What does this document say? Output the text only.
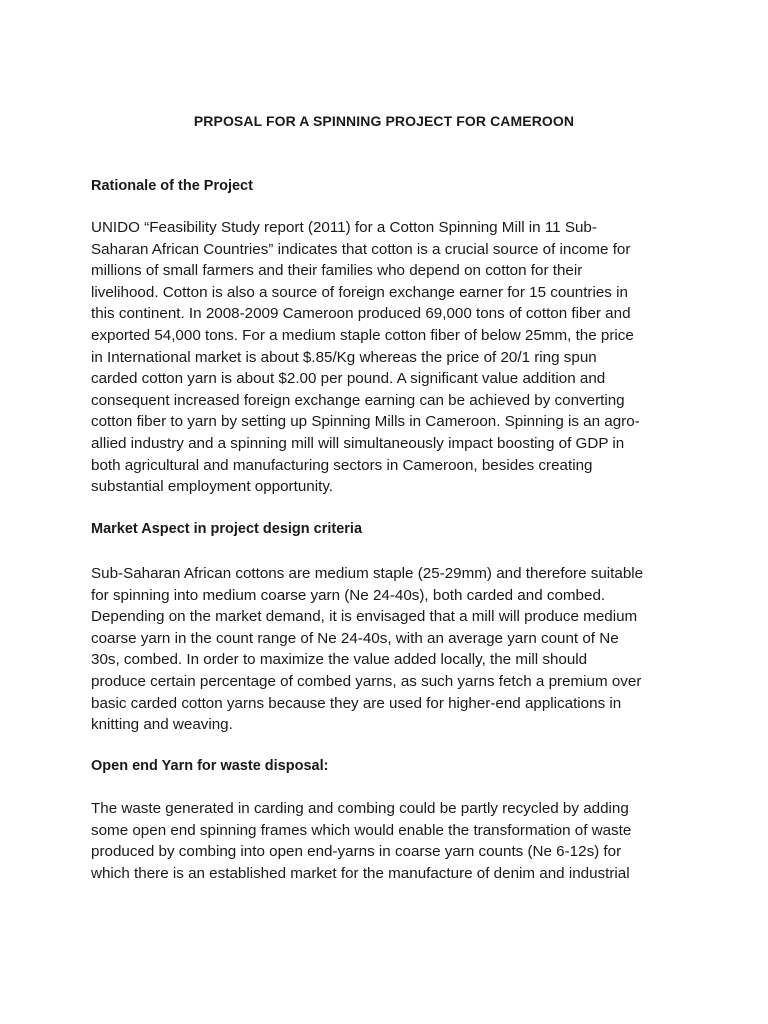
PRPOSAL FOR A SPINNING PROJECT FOR CAMEROON
Rationale of the Project
UNIDO “Feasibility Study report (2011) for a Cotton Spinning Mill in 11 Sub-
Saharan African Countries” indicates that cotton is a crucial source of income for
millions of small farmers and their families who depend on cotton for their
livelihood. Cotton is also a source of foreign exchange earner for 15 countries in
this continent. In 2008-2009 Cameroon produced 69,000 tons of cotton fiber and
exported 54,000 tons. For a medium staple cotton fiber of below 25mm, the price
in International market is about $.85/Kg whereas the price of 20/1 ring spun
carded cotton yarn is about $2.00 per pound. A significant value addition and
consequent increased foreign exchange earning can be achieved by converting
cotton fiber to yarn by setting up Spinning Mills in Cameroon. Spinning is an agro-
allied industry and a spinning mill will simultaneously impact boosting of GDP in
both agricultural and manufacturing sectors in Cameroon, besides creating
substantial employment opportunity.
Market Aspect in project design criteria
Sub-Saharan African cottons are medium staple (25-29mm) and therefore suitable
for spinning into medium coarse yarn (Ne 24-40s), both carded and combed.
Depending on the market demand, it is envisaged that a mill will produce medium
coarse yarn in the count range of Ne 24-40s, with an average yarn count of Ne
30s, combed. In order to maximize the value added locally, the mill should
produce certain percentage of combed yarns, as such yarns fetch a premium over
basic carded cotton yarns because they are used for higher-end applications in
knitting and weaving.
Open end Yarn for waste disposal:
The waste generated in carding and combing could be partly recycled by adding
some open end spinning frames which would enable the transformation of waste
produced by combing into open end-yarns in coarse yarn counts (Ne 6-12s) for
which there is an established market for the manufacture of denim and industrial
